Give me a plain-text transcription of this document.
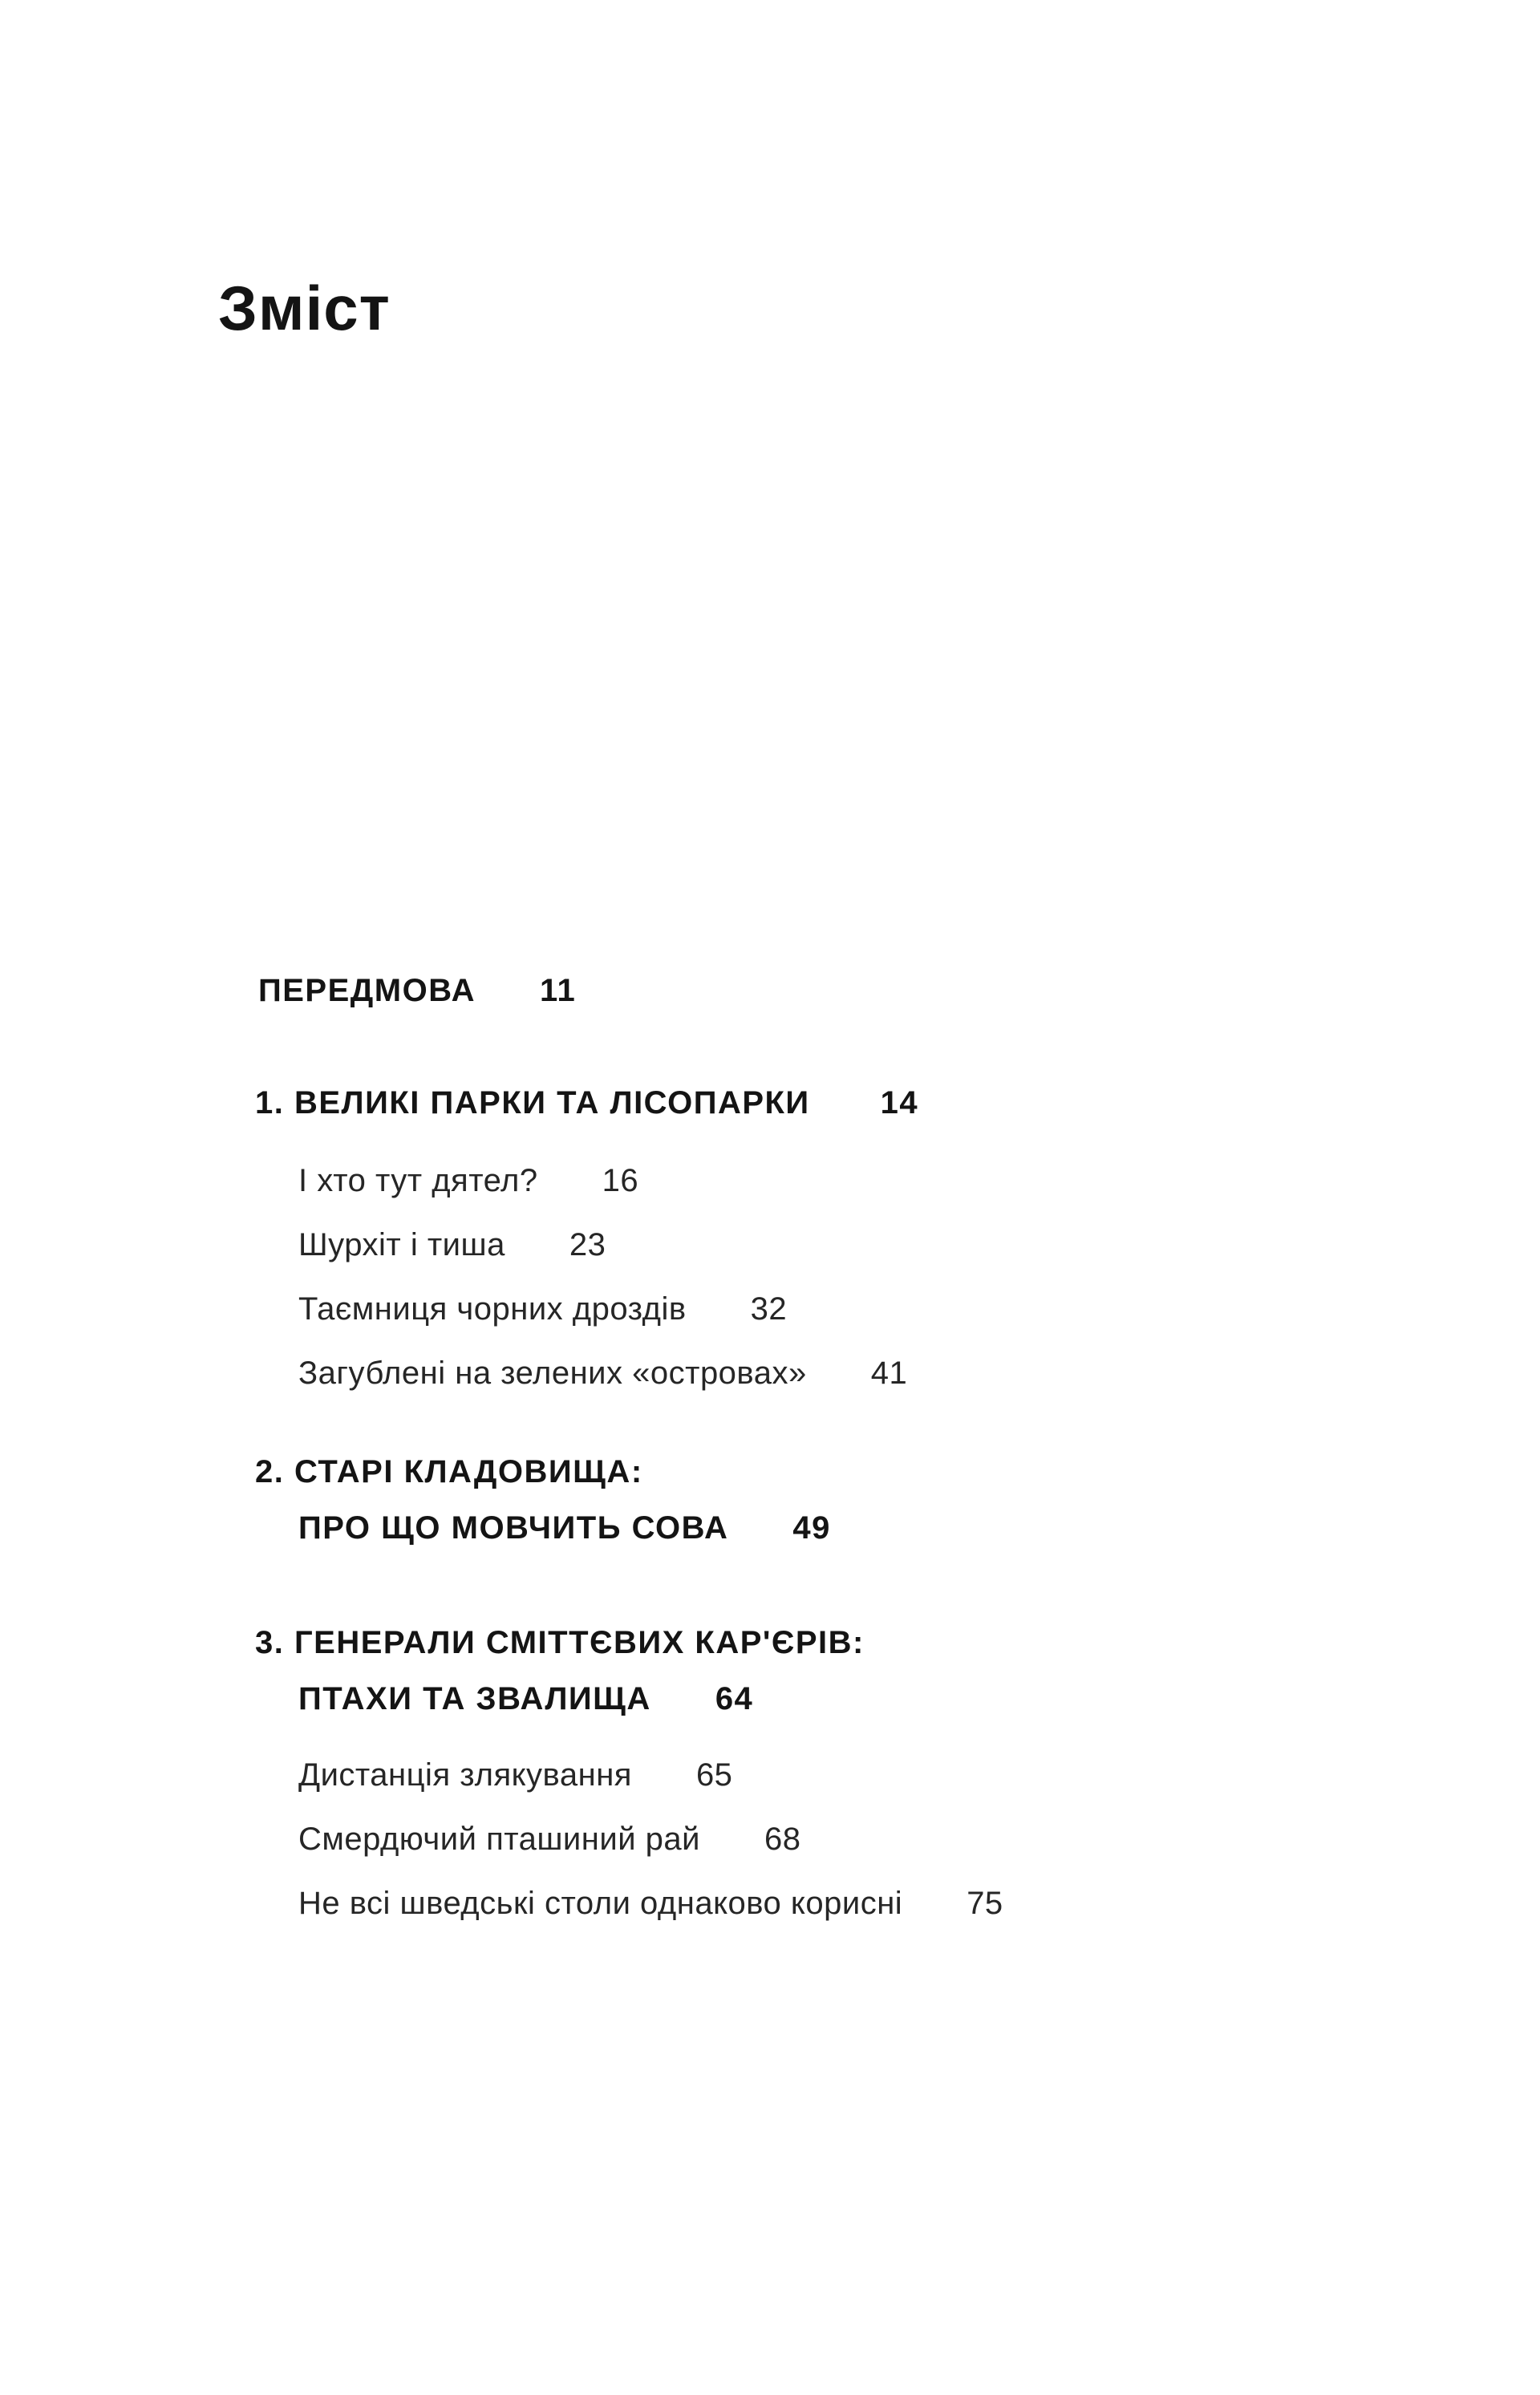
Зміст
ПЕРЕДМОВА 11
1. ВЕЛИКІ ПАРКИ ТА ЛІСОПАРКИ 14
І хто тут дятел? 16
Шурхіт і тиша 23
Таємниця чорних дроздів 32
Загублені на зелених «островах» 41
2. СТАРІ КЛАДОВИЩА:
ПРО ЩО МОВЧИТЬ СОВА 49
3. ГЕНЕРАЛИ СМІТТЄВИХ КАР'ЄРІВ:
ПТАХИ ТА ЗВАЛИЩА 64
Дистанція злякування 65
Смердючий пташиний рай 68
Не всі шведські столи однаково корисні 75
